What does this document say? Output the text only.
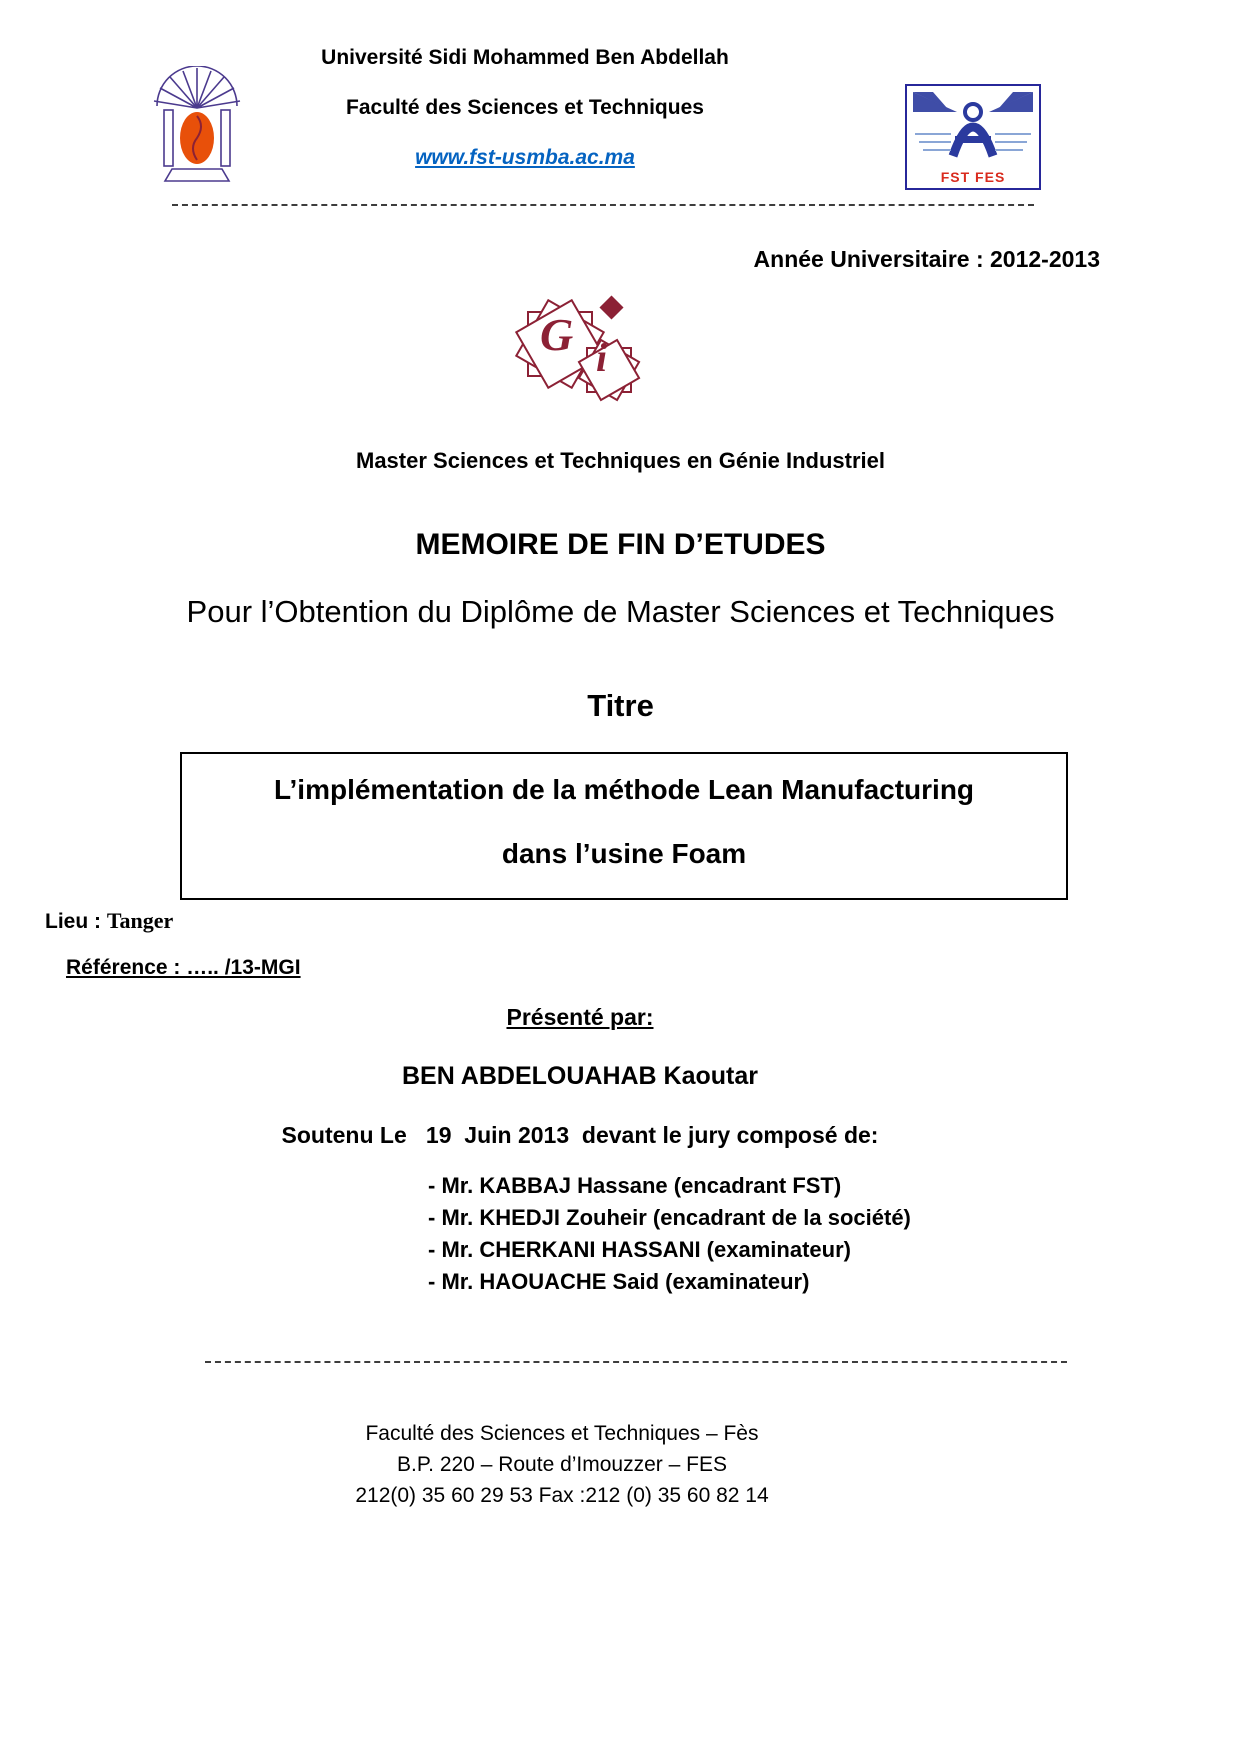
Université Sidi Mohammed Ben Abdellah
Faculté des Sciences et Techniques
www.fst-usmba.ac.ma
FST FES
Année Universitaire : 2012-2013
G i
Master Sciences et Techniques en Génie Industriel
MEMOIRE DE FIN D’ETUDES
Pour l’Obtention du Diplôme de Master Sciences et Techniques
Titre
L’implémentation de la méthode Lean Manufacturing
dans l’usine Foam
Lieu : Tanger
Référence : ….. /13-MGI
Présenté par:
BEN ABDELOUAHAB Kaoutar
Soutenu Le   19  Juin 2013  devant le jury composé de:
- Mr. KABBAJ Hassane (encadrant FST)
- Mr. KHEDJI Zouheir (encadrant de la société)
- Mr. CHERKANI HASSANI (examinateur)
- Mr. HAOUACHE Said (examinateur)
Faculté des Sciences et Techniques – Fès
B.P. 220 – Route d’Imouzzer – FES
212(0) 35 60 29 53 Fax :212 (0) 35 60 82 14
